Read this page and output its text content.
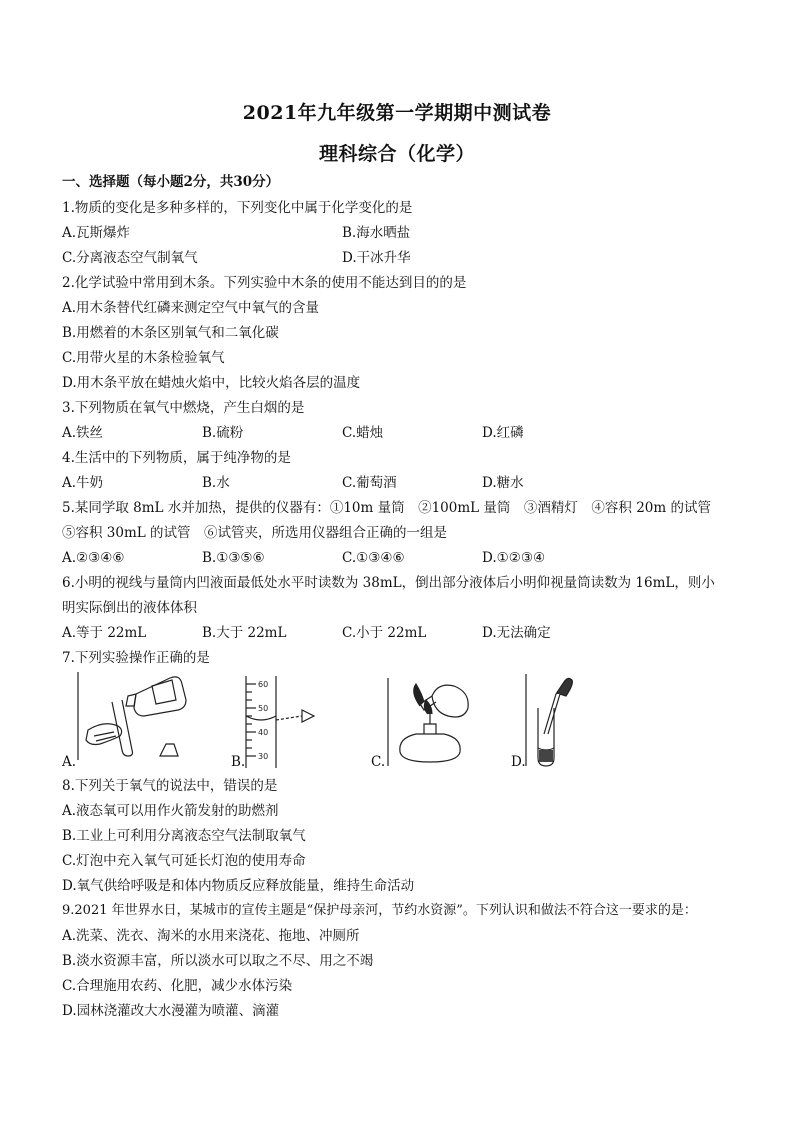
2021年九年级第一学期期中测试卷
理科综合（化学）
一、选择题（每小题2分，共30分）
1.物质的变化是多种多样的，下列变化中属于化学变化的是
A.瓦斯爆炸	B.海水晒盐
C.分离液态空气制氧气	D.干冰升华
2.化学试验中常用到木条。下列实验中木条的使用不能达到目的的是
A.用木条替代红磷来测定空气中氧气的含量
B.用燃着的木条区别氧气和二氧化碳
C.用带火星的木条检验氧气
D.用木条平放在蜡烛火焰中，比较火焰各层的温度
3.下列物质在氧气中燃烧，产生白烟的是
A.铁丝	B.硫粉	C.蜡烛	D.红磷
4.生活中的下列物质，属于纯净物的是
A.牛奶	B.水	C.葡萄酒	D.糖水
5.某同学取 8mL 水并加热，提供的仪器有：①10m 量筒　②100mL 量筒　③酒精灯　④容积 20m 的试管
⑤容积 30mL 的试管　⑥试管夹，所选用仪器组合正确的一组是
A.②③④⑥	B.①③⑤⑥	C.①③④⑥	D.①②③④
6.小明的视线与量筒内凹液面最低处水平时读数为 38mL，倒出部分液体后小明仰视量筒读数为 16mL，则小
明实际倒出的液体体积
A.等于 22mL	B.大于 22mL	C.小于 22mL	D.无法确定
7.下列实验操作正确的是
A.	B.
60
50
40
30	C.	D.
8.下列关于氧气的说法中，错误的是
A.液态氧可以用作火箭发射的助燃剂
B.工业上可利用分离液态空气法制取氧气
C.灯泡中充入氧气可延长灯泡的使用寿命
D.氧气供给呼吸是和体内物质反应释放能量，维持生命活动
9.2021 年世界水日，某城市的宣传主题是“保护母亲河，节约水资源”。下列认识和做法不符合这一要求的是：
A.洗菜、洗衣、淘米的水用来浇花、拖地、冲厕所
B.淡水资源丰富，所以淡水可以取之不尽、用之不竭
C.合理施用农药、化肥，减少水体污染
D.园林浇灌改大水漫灌为喷灌、滴灌
